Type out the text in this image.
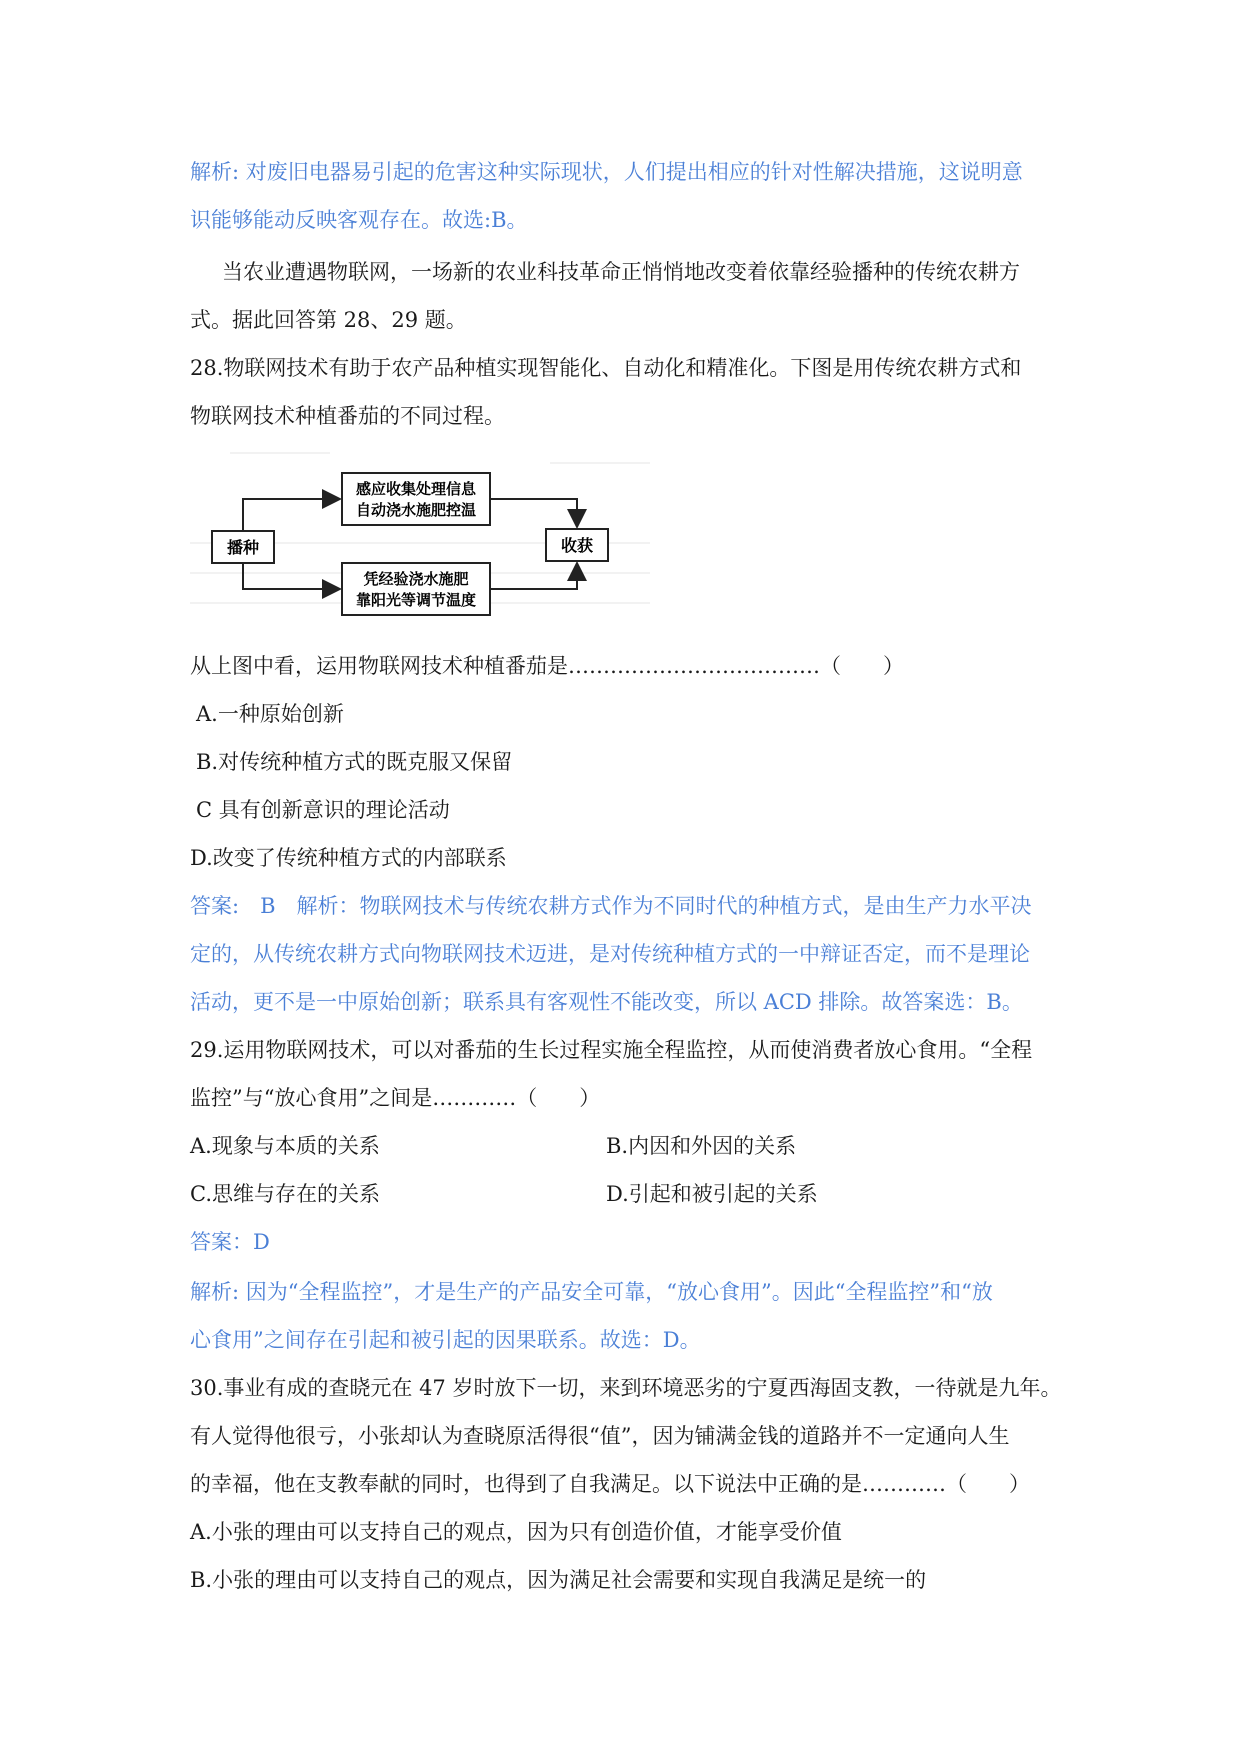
解析: 对废旧电器易引起的危害这种实际现状，人们提出相应的针对性解决措施，这说明意
识能够能动反映客观存在。故选:B。
当农业遭遇物联网，一场新的农业科技革命正悄悄地改变着依靠经验播种的传统农耕方
式。据此回答第 28、29 题。
28.物联网技术有助于农产品种植实现智能化、自动化和精准化。下图是用传统农耕方式和
物联网技术种植番茄的不同过程。
播种
感应收集处理信息
自动浇水施肥控温
凭经验浇水施肥
靠阳光等调节温度
收获
从上图中看，运用物联网技术种植番茄是………………………………（　　）
A.一种原始创新
B.对传统种植方式的既克服又保留
C 具有创新意识的理论活动
D.改变了传统种植方式的内部联系
答案:　B　解析：物联网技术与传统农耕方式作为不同时代的种植方式，是由生产力水平决
定的，从传统农耕方式向物联网技术迈进，是对传统种植方式的一中辩证否定，而不是理论
活动，更不是一中原始创新；联系具有客观性不能改变，所以 ACD 排除。故答案选：B。
29.运用物联网技术，可以对番茄的生长过程实施全程监控，从而使消费者放心食用。“全程
监控”与“放心食用”之间是…………（　　）
A.现象与本质的关系	B.内因和外因的关系
C.思维与存在的关系	D.引起和被引起的关系
答案：D
解析: 因为“全程监控”，才是生产的产品安全可靠，“放心食用”。因此“全程监控”和“放
心食用”之间存在引起和被引起的因果联系。故选：D。
30.事业有成的查晓元在 47 岁时放下一切，来到环境恶劣的宁夏西海固支教，一待就是九年。
有人觉得他很亏，小张却认为查晓原活得很“值”，因为铺满金钱的道路并不一定通向人生
的幸福，他在支教奉献的同时，也得到了自我满足。以下说法中正确的是…………（　　）
A.小张的理由可以支持自己的观点，因为只有创造价值，才能享受价值
B.小张的理由可以支持自己的观点，因为满足社会需要和实现自我满足是统一的
